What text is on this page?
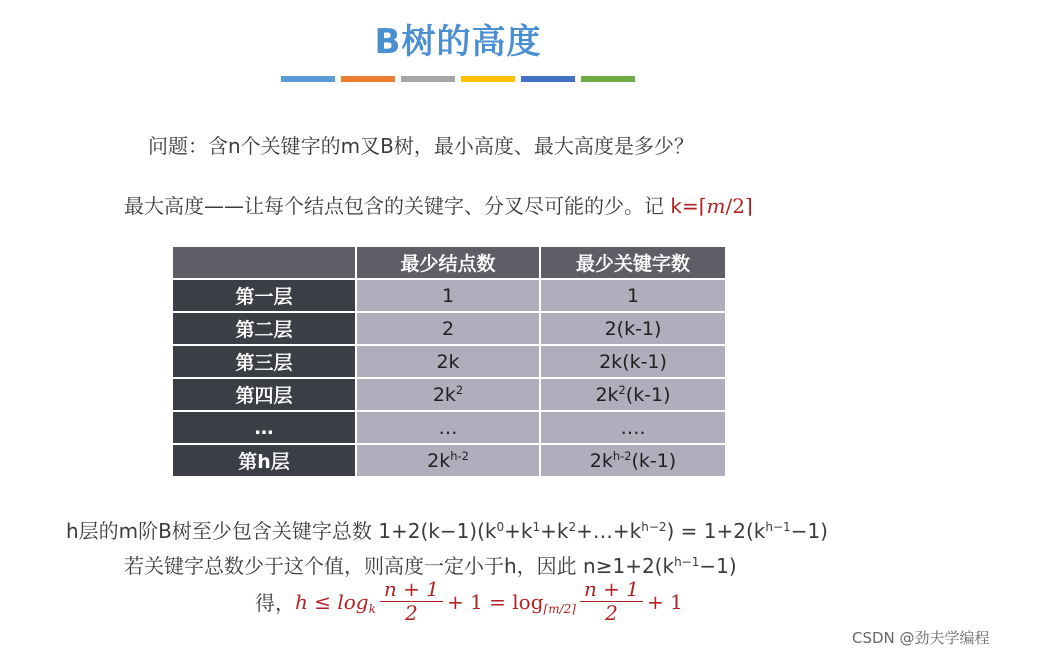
B树的高度
问题：含n个关键字的m叉B树，最小高度、最大高度是多少？
最大高度——让每个结点包含的关键字、分叉尽可能的少。记 k=⌈m/2⌉
	最少结点数	最少关键字数
第一层	1	1
第二层	2	2(k-1)
第三层	2k	2k(k-1)
第四层	$2k^2$	$2k^2(k-1)$
…	…	….
第h层	$2k^{h-2}$	$2k^{h-2}(k-1)$
h层的m阶B树至少包含关键字总数 $1+2(k-1)(k^0+k^1+k^2+\dots+k^{h-2}) = 1+2(k^{h-1}-1)$
若关键字总数少于这个值，则高度一定小于h，因此 $n\ge 1+2(k^{h-1}-1)$
得， $h \le \log_k \frac{n + 1}{2} + 1 = \log_{⌈m/2⌉} \frac{n + 1}{2} + 1$
CSDN @劲夫学编程
